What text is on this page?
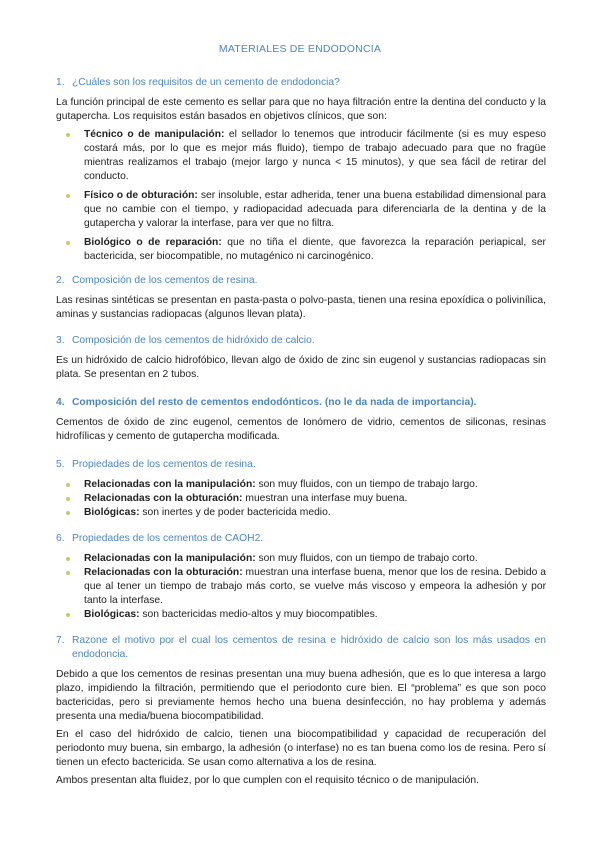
MATERIALES DE ENDODONCIA
1. ¿Cuáles son los requisitos de un cemento de endodoncia?

La función principal de este cemento es sellar para que no haya filtración entre la dentina del conducto y la gutapercha. Los requisitos están basados en objetivos clínicos, que son:

Técnico o de manipulación: el sellador lo tenemos que introducir fácilmente (si es muy espeso costará más, por lo que es mejor más fluido), tiempo de trabajo adecuado para que no fragüe mientras realizamos el trabajo (mejor largo y nunca < 15 minutos), y que sea fácil de retirar del conducto.
Físico o de obturación: ser insoluble, estar adherida, tener una buena estabilidad dimensional para que no cambie con el tiempo, y radiopacidad adecuada para diferenciarla de la dentina y de la gutapercha y valorar la interfase, para ver que no filtra.
Biológico o de reparación: que no tiña el diente, que favorezca la reparación periapical, ser bactericida, ser biocompatible, no mutagénico ni carcinogénico.
2. Composición de los cementos de resina.

Las resinas sintéticas se presentan en pasta-pasta o polvo-pasta, tienen una resina epoxídica o polivinílica, aminas y sustancias radiopacas (algunos llevan plata).

3. Composición de los cementos de hidróxido de calcio.

Es un hidróxido de calcio hidrofóbico, llevan algo de óxido de zinc sin eugenol y sustancias radiopacas sin plata. Se presentan en 2 tubos.

4. Composición del resto de cementos endodónticos. (no le da nada de importancia).

Cementos de óxido de zinc eugenol, cementos de Ionómero de vidrio, cementos de siliconas, resinas hidrofílicas y cemento de gutapercha modificada.

5. Propiedades de los cementos de resina.
Relacionadas con la manipulación: son muy fluidos, con un tiempo de trabajo largo.
Relacionadas con la obturación: muestran una interfase muy buena.
Biológicas: son inertes y de poder bactericida medio.
6. Propiedades de los cementos de CAOH2.
Relacionadas con la manipulación: son muy fluidos, con un tiempo de trabajo corto.
Relacionadas con la obturación: muestran una interfase buena, menor que los de resina. Debido a que al tener un tiempo de trabajo más corto, se vuelve más viscoso y empeora la adhesión y por tanto la interfase.
Biológicas: son bactericidas medio-altos y muy biocompatibles.
7. Razone el motivo por el cual los cementos de resina e hidróxido de calcio son los más usados en endodoncia.

Debido a que los cementos de resinas presentan una muy buena adhesión, que es lo que interesa a largo plazo, impidiendo la filtración, permitiendo que el periodonto cure bien. El “problema” es que son poco bactericidas, pero si previamente hemos hecho una buena desinfección, no hay problema y además presenta una media/buena biocompatibilidad.

En el caso del hidróxido de calcio, tienen una biocompatibilidad y capacidad de recuperación del periodonto muy buena, sin embargo, la adhesión (o interfase) no es tan buena como los de resina. Pero sí tienen un efecto bactericida. Se usan como alternativa a los de resina.

Ambos presentan alta fluidez, por lo que cumplen con el requisito técnico o de manipulación.
